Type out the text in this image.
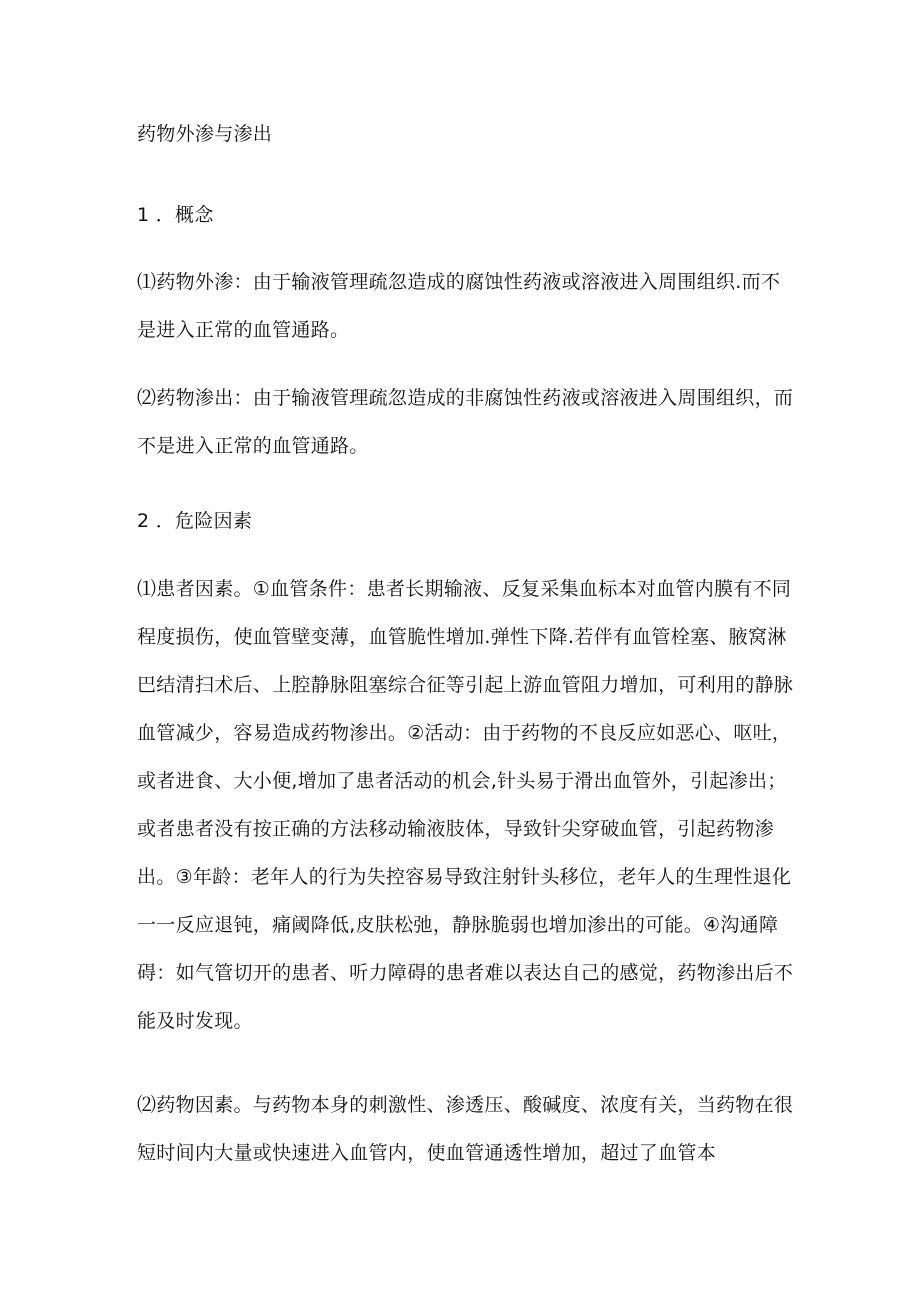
药物外渗与渗出
1 ．概念
⑴药物外渗：由于输液管理疏忽造成的腐蚀性药液或溶液进入周围组织.而不是进入正常的血管通路。
⑵药物渗出：由于输液管理疏忽造成的非腐蚀性药液或溶液进入周围组织，而不是进入正常的血管通路。
2 ．危险因素
⑴患者因素。①血管条件：患者长期输液、反复采集血标本对血管内膜有不同程度损伤，使血管壁变薄，血管脆性增加.弹性下降.若伴有血管栓塞、腋窝淋巴结清扫术后、上腔静脉阻塞综合征等引起上游血管阻力增加，可利用的静脉血管减少，容易造成药物渗出。②活动：由于药物的不良反应如恶心、呕吐，或者进食、大小便,增加了患者活动的机会,针头易于滑出血管外，引起渗出；或者患者没有按正确的方法移动输液肢体，导致针尖穿破血管，引起药物渗出。③年龄：老年人的行为失控容易导致注射针头移位，老年人的生理性退化一一反应退钝，痛阈降低,皮肤松弛，静脉脆弱也增加渗出的可能。④沟通障碍：如气管切开的患者、听力障碍的患者难以表达自己的感觉，药物渗出后不能及时发现。
⑵药物因素。与药物本身的刺激性、渗透压、酸碱度、浓度有关，当药物在很短时间内大量或快速进入血管内，使血管通透性增加，超过了血管本
